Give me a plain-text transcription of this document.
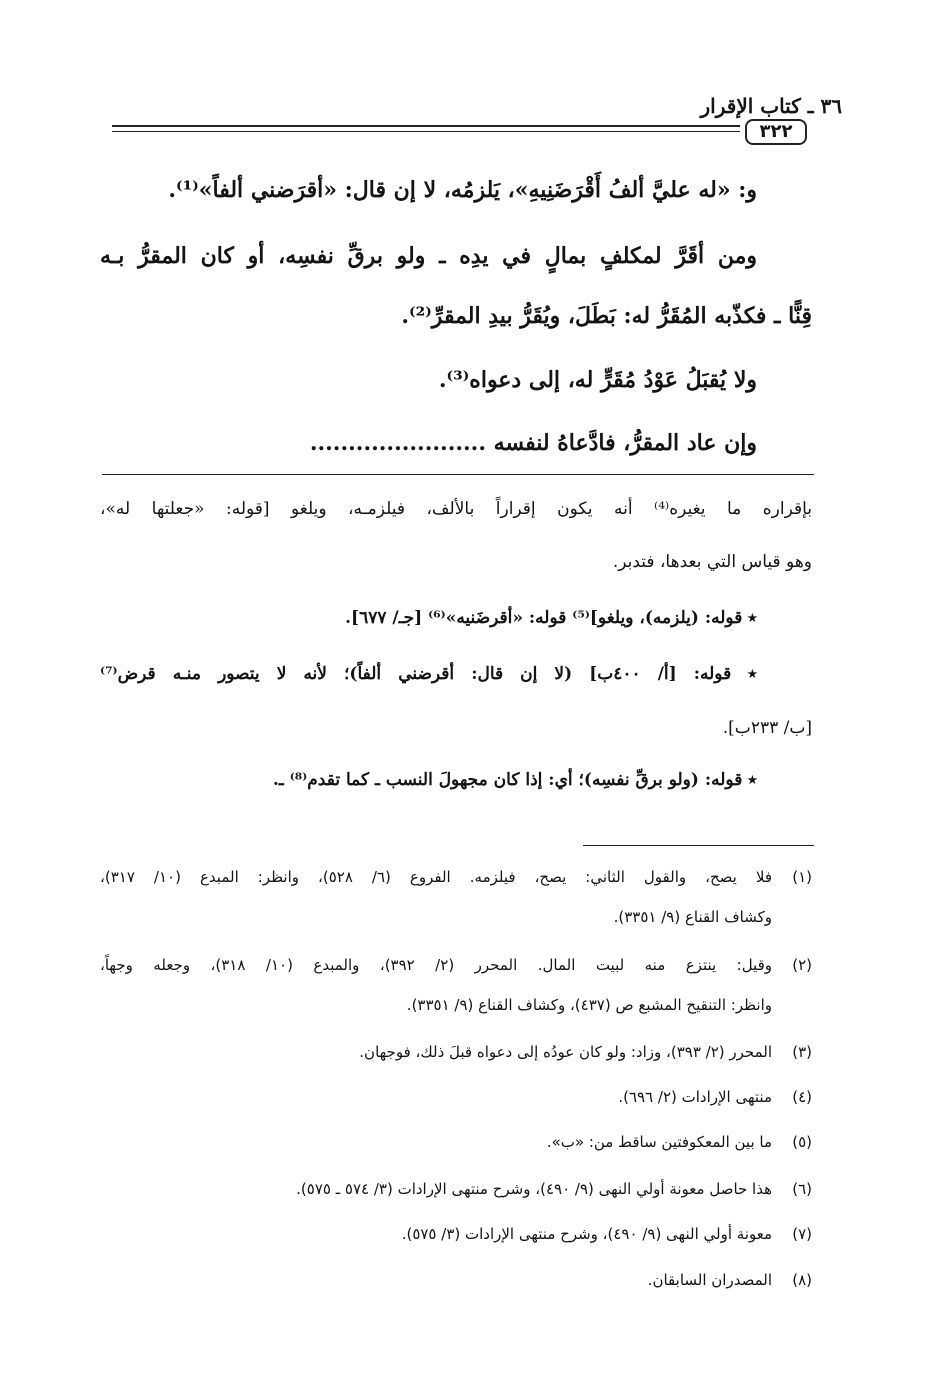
٣٦ ـ كتاب الإقرار
٣٢٢
و: «له عليَّ ألفُ أَقْرَضَنِيهِ»، يَلزمُه، لا إن قال: «أقرَضني ألفاً»⁽¹⁾.
ومن أقَرَّ لمكلفٍ بمالٍ في يدِه ـ ولو برقِّ نفسِه، أو كان المقرُّ بـه
قِنًّا ـ فكذّبه المُقَرُّ له: بَطَلَ، ويُقَرُّ بيدِ المقرِّ⁽²⁾.
ولا يُقبَلُ عَوْدُ مُقَرٍّ له، إلى دعواه⁽³⁾.
وإن عاد المقرُّ، فادَّعاهُ لنفسه .......................
بإقراره ما يغيره⁽⁴⁾ أنه يكون إقراراً بالألف، فيلزمـه، ويلغو [قوله: «جعلتها له»،
وهو قياس التي بعدها، فتدبر.
٭ قوله: (يلزمه)، ويلغو]⁽⁵⁾ قوله: «أقرضَنيه»⁽⁶⁾ [جـ/ ٦٧٧].
٭ قوله: [أ/ ٤٠٠ب] (لا إن قال: أقرضني ألفاً)؛ لأنه لا يتصور منـه قرض⁽⁷⁾
[ب/ ٢٣٣ب].
٭ قوله: (ولو برقِّ نفسِه)؛ أي: إذا كان مجهولَ النسب ـ كما تقدم⁽⁸⁾ ـ.
(١)
فلا يصح، والقول الثاني: يصح، فيلزمه. الفروع (٦/ ٥٢٨)، وانظر: المبدع (١٠/ ٣١٧)،
وكشاف القناع (٩/ ٣٣٥١).
(٢)
وقيل: ينتزع منه لبيت المال. المحرر (٢/ ٣٩٢)، والمبدع (١٠/ ٣١٨)، وجعله وجهاً،
وانظر: التنقيح المشبع ص (٤٣٧)، وكشاف القناع (٩/ ٣٣٥١).
(٣)
المحرر (٢/ ٣٩٣)، وزاد: ولو كان عودُه إلى دعواه قبلَ ذلك، فوجهان.
(٤)
منتهى الإرادات (٢/ ٦٩٦).
(٥)
ما بين المعكوفتين ساقط من: «ب».
(٦)
هذا حاصل معونة أولي النهى (٩/ ٤٩٠)، وشرح منتهى الإرادات (٣/ ٥٧٤ ـ ٥٧٥).
(٧)
معونة أولي النهى (٩/ ٤٩٠)، وشرح منتهى الإرادات (٣/ ٥٧٥).
(٨)
المصدران السابقان.
